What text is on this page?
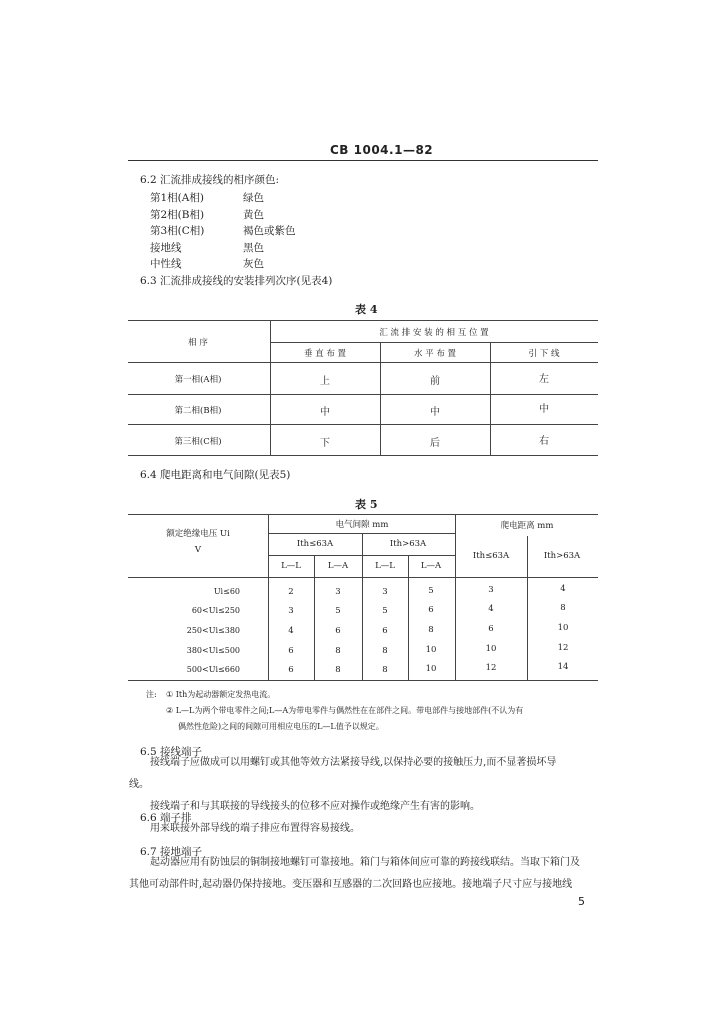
CB 1004.1—82
6.2 汇流排成接线的相序颜色:
第1相(A相)	绿色
第2相(B相)	黄色
第3相(C相)	褐色或紫色
接地线	黑色
中性线	灰色
6.3 汇流排成接线的安装排列次序(见表4)
表 4
相 序
汇 流 排 安 装 的 相 互 位 置
垂 直 布 置	水 平 布 置	引 下 线
第一相(A相)	上	前	左
第二相(B相)	中	中	中
第三相(C相)	下	后	右
6.4 爬电距离和电气间隙(见表5)
表 5
额定绝缘电压 Ui
V
电气间隙 mm	爬电距离 mm
Ith≤63A	Ith>63A
Ith≤63A	Ith>63A
L—L	L—A	L—L	L—A
Ui≤60	2	3	3	5	3	4
60<Ui≤250	3	5	5	6	4	8
250<Ui≤380	4	6	6	8	6	10
380<Ui≤500	6	8	8	10	10	12
500<Ui≤660	6	8	8	10	12	14
注: ① Ith为起动器额定发热电流。
② L—L为两个带电零件之间;L—A为带电零件与偶然性在在部件之间。带电部件与接地部件(不认为有
偶然性危险)之间的间隙可用相应电压的L—L值予以规定。
6.5 接线端子
接线端子应做成可以用螺钉或其他等效方法紧接导线,以保持必要的接触压力,而不显著损坏导
线。
接线端子和与其联接的导线接头的位移不应对操作或绝缘产生有害的影响。
6.6 端子排
用来联接外部导线的端子排应布置得容易接线。
6.7 接地端子
起动器应用有防蚀层的铜制接地螺钉可靠接地。箱门与箱体间应可靠的跨接线联结。当取下箱门及
其他可动部件时,起动器仍保持接地。变压器和互感器的二次回路也应接地。接地端子尺寸应与接地线
5
